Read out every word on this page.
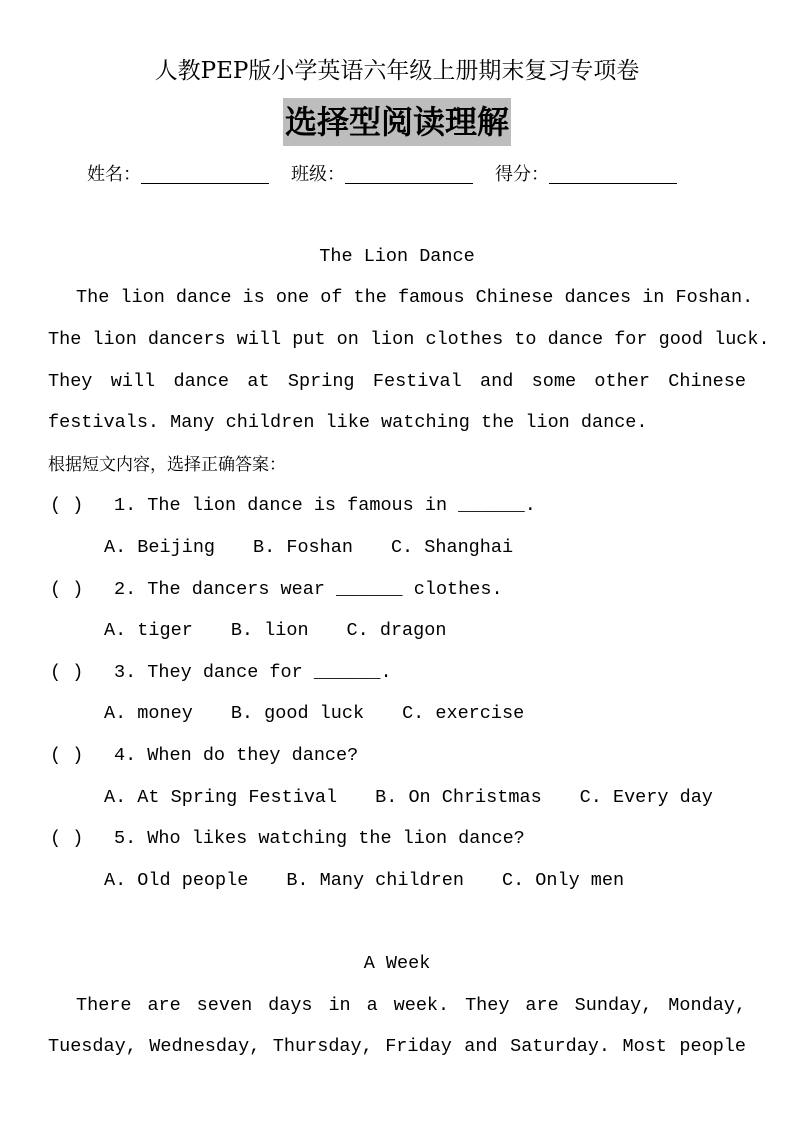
人教PEP版小学英语六年级上册期末复习专项卷
选择型阅读理解
姓名：	班级：	得分：
The Lion Dance
The lion dance is one of the famous Chinese dances in Foshan.
The lion dancers will put on lion clothes to dance for good luck.
They will dance at Spring Festival and some other Chinese
festivals. Many children like watching the lion dance.
根据短文内容，选择正确答案：
( ) 1. The lion dance is famous in ______.
A. Beijing B. Foshan C. Shanghai
( ) 2. The dancers wear ______ clothes.
A. tiger B. lion C. dragon
( ) 3. They dance for ______.
A. money B. good luck C. exercise
( ) 4. When do they dance?
A. At Spring Festival B. On Christmas C. Every day
( ) 5. Who likes watching the lion dance?
A. Old people B. Many children C. Only men
A Week
There are seven days in a week. They are Sunday, Monday,
Tuesday, Wednesday, Thursday, Friday and Saturday. Most people
